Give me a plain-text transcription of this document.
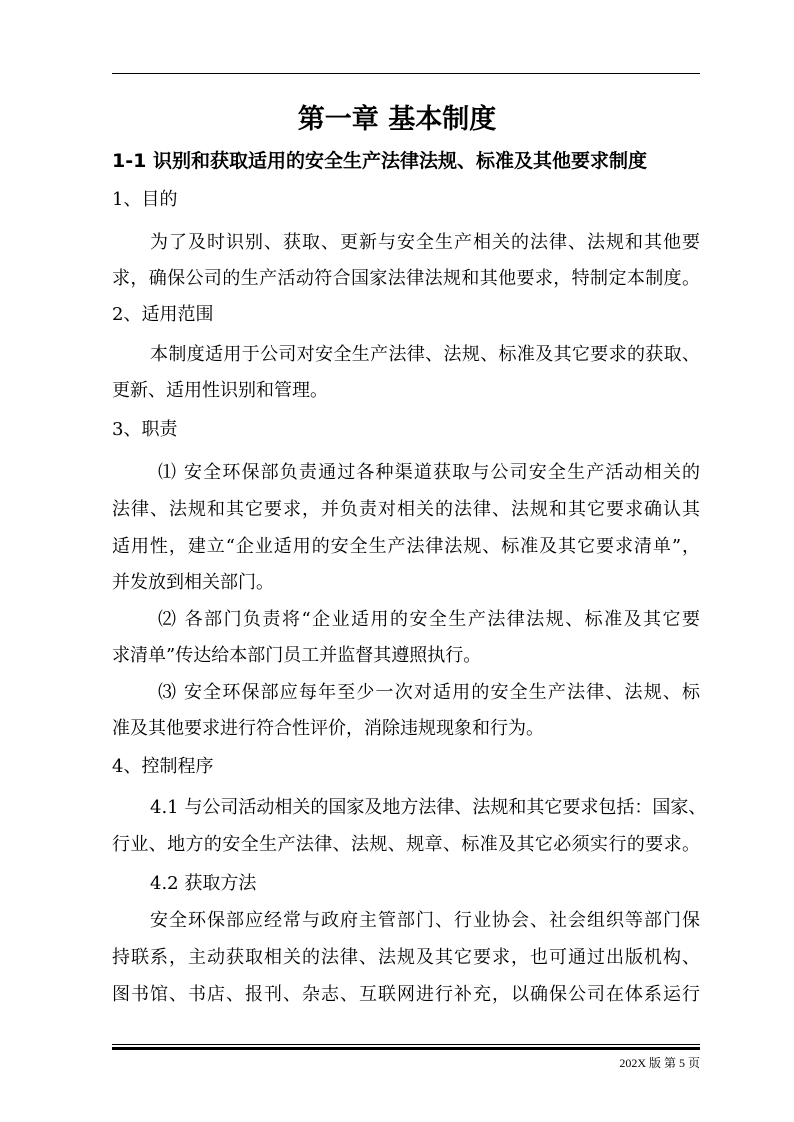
第一章 基本制度
1-1 识别和获取适用的安全生产法律法规、标准及其他要求制度
1、目的
为了及时识别、获取、更新与安全生产相关的法律、法规和其他要
求，确保公司的生产活动符合国家法律法规和其他要求，特制定本制度。
2、适用范围
本制度适用于公司对安全生产法律、法规、标准及其它要求的获取、
更新、适用性识别和管理。
3、职责
⑴ 安全环保部负责通过各种渠道获取与公司安全生产活动相关的
法律、法规和其它要求，并负责对相关的法律、法规和其它要求确认其
适用性，建立“企业适用的安全生产法律法规、标准及其它要求清单”，
并发放到相关部门。
⑵ 各部门负责将“企业适用的安全生产法律法规、标准及其它要
求清单”传达给本部门员工并监督其遵照执行。
⑶ 安全环保部应每年至少一次对适用的安全生产法律、法规、标
准及其他要求进行符合性评价，消除违规现象和行为。
4、控制程序
4.1 与公司活动相关的国家及地方法律、法规和其它要求包括：国家、
行业、地方的安全生产法律、法规、规章、标准及其它必须实行的要求。
4.2 获取方法
安全环保部应经常与政府主管部门、行业协会、社会组织等部门保
持联系，主动获取相关的法律、法规及其它要求，也可通过出版机构、
图书馆、书店、报刊、杂志、互联网进行补充，以确保公司在体系运行
202X 版 第 5 页
